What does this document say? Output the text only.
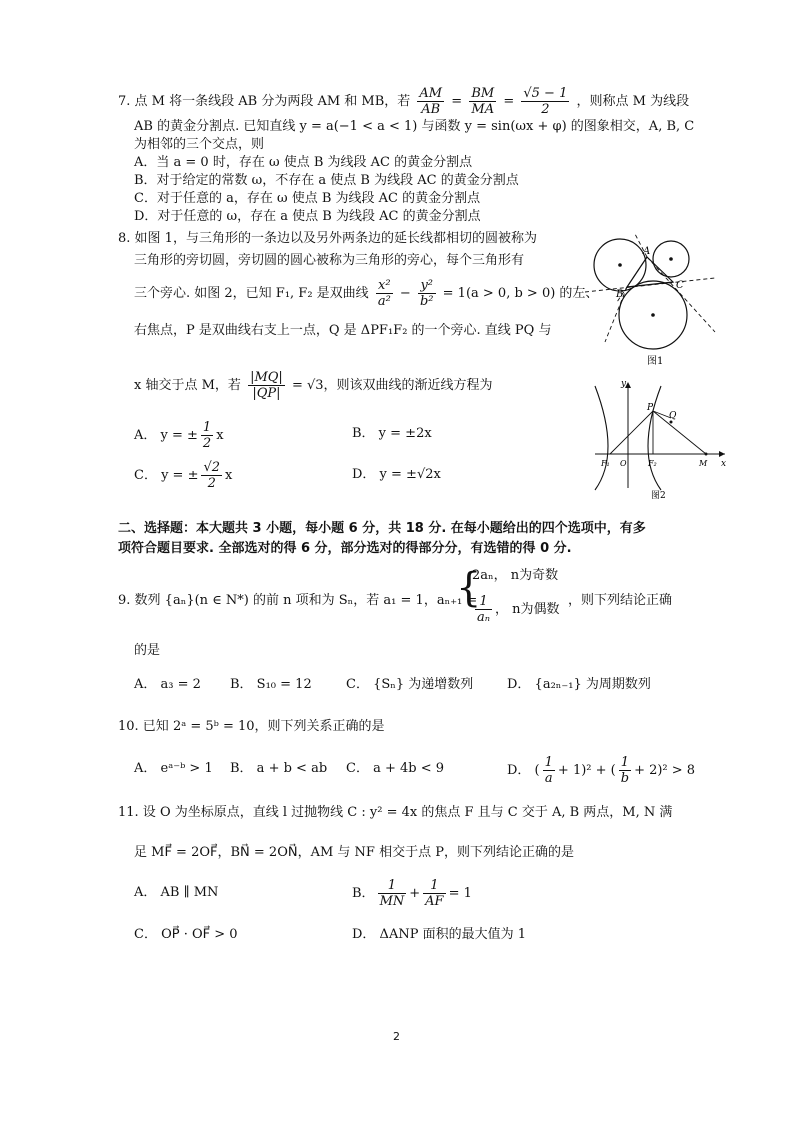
7. 点 M 将一条线段 AB 分为两段 AM 和 MB，若 $\frac{AM}{AB} = \frac{BM}{MA} = \frac{√5 - 1}{2}$ ，则称点 M 为线段
AB 的黄金分割点. 已知直线 y = a(−1 < a < 1) 与函数 y = sin(ωx + φ) 的图象相交，A, B, C
为相邻的三个交点，则
A．当 a = 0 时，存在 ω 使点 B 为线段 AC 的黄金分割点
B．对于给定的常数 ω，不存在 a 使点 B 为线段 AC 的黄金分割点
C．对于任意的 a，存在 ω 使点 B 为线段 AC 的黄金分割点
D．对于任意的 ω，存在 a 使点 B 为线段 AC 的黄金分割点
8. 如图 1，与三角形的一条边以及另外两条边的延长线都相切的圆被称为
三角形的旁切圆，旁切圆的圆心被称为三角形的旁心，每个三角形有
三个旁心. 如图 2，已知 F₁, F₂ 是双曲线 $\frac{\text{x²}}{\text{a²}} - \frac{\text{y²}}{\text{b²}} = 1(a > 0$, b > 0) 的左、
右焦点，P 是双曲线右支上一点，Q 是 ΔPF₁F₂ 的一个旁心. 直线 PQ 与
x 轴交于点 M，若 $\frac{|MQ|}{|QP|} = √3$，则该双曲线的渐近线方程为
A． y = ± $\frac{1}{2}$ x	B． y = ±2x
C． y = ± $\frac{√2}{2}$ x	D． y = ±√2x
A
B
C
图1
y
x
P
Q
F₁ O	F₂	M
图2
二、选择题：本大题共 3 小题，每小题 6 分，共 18 分. 在每小题给出的四个选项中，有多
项符合题目要求. 全部选对的得 6 分，部分选对的得部分分，有选错的得 0 分.
9. 数列 {aₙ}(n ∈ N*) 的前 n 项和为 Sₙ，若 a₁ = 1，aₙ₊₁ =
{
2aₙ， n为奇数
$\frac{1}{\text{aₙ}}$ ， n为偶数
，则下列结论正确
的是
A． a₃ = 2 B． S₁₀ = 12	C． {Sₙ} 为递增数列	D． {a₂ₙ₋₁} 为周期数列
10. 已知 2ᵃ = 5ᵇ = 10，则下列关系正确的是
A． eᵃ⁻ᵇ > 1 B． a + b < ab C． a + 4b < 9	D． ( $\frac{1}{a} + 1)^2$ + ( $\frac{1}{b} + 2)^2 > 8$
11. 设 O 为坐标原点，直线 l 过抛物线 C : y² = 4x 的焦点 F 且与 C 交于 A, B 两点，M, N 满
足 MF⃗ = 2OF⃗，BN⃗ = 2ON⃗，AM 与 NF 相交于点 P，则下列结论正确的是
A． AB ∥ MN	B． $\frac{1}{MN} + \frac{1}{AF} = 1$
C． OP⃗ · OF⃗ > 0	D． ΔANP 面积的最大值为 1
2
